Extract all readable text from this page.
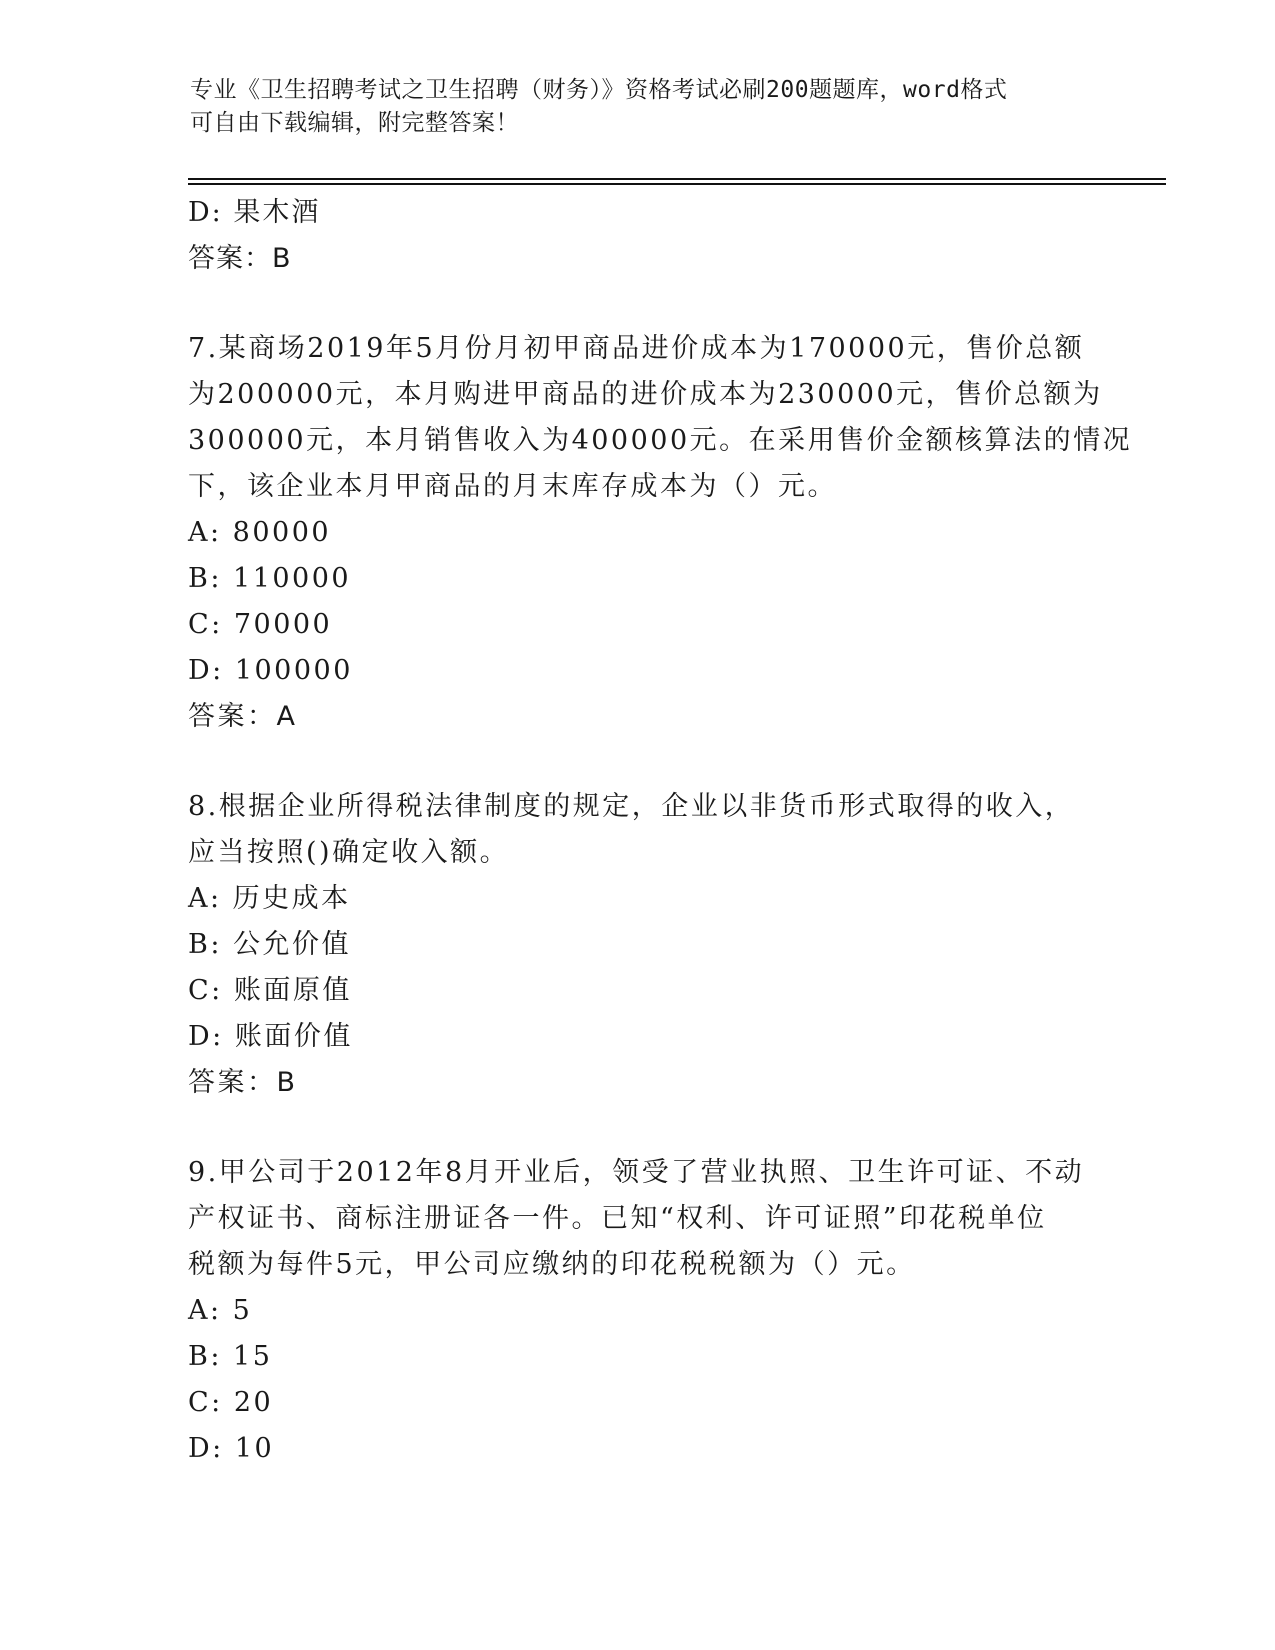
专业《卫生招聘考试之卫生招聘（财务）》资格考试必刷200题题库，word格式
可自由下载编辑，附完整答案！
D: 果木酒
答案：B
7.某商场2019年5月份月初甲商品进价成本为170000元，售价总额
为200000元，本月购进甲商品的进价成本为230000元，售价总额为
300000元，本月销售收入为400000元。在采用售价金额核算法的情况
下，该企业本月甲商品的月末库存成本为（）元。
A: 80000
B: 110000
C: 70000
D: 100000
答案：A
8.根据企业所得税法律制度的规定，企业以非货币形式取得的收入，
应当按照()确定收入额。
A: 历史成本
B: 公允价值
C: 账面原值
D: 账面价值
答案：B
9.甲公司于2012年8月开业后，领受了营业执照、卫生许可证、不动
产权证书、商标注册证各一件。已知“权利、许可证照”印花税单位
税额为每件5元，甲公司应缴纳的印花税税额为（）元。
A: 5
B: 15
C: 20
D: 10
